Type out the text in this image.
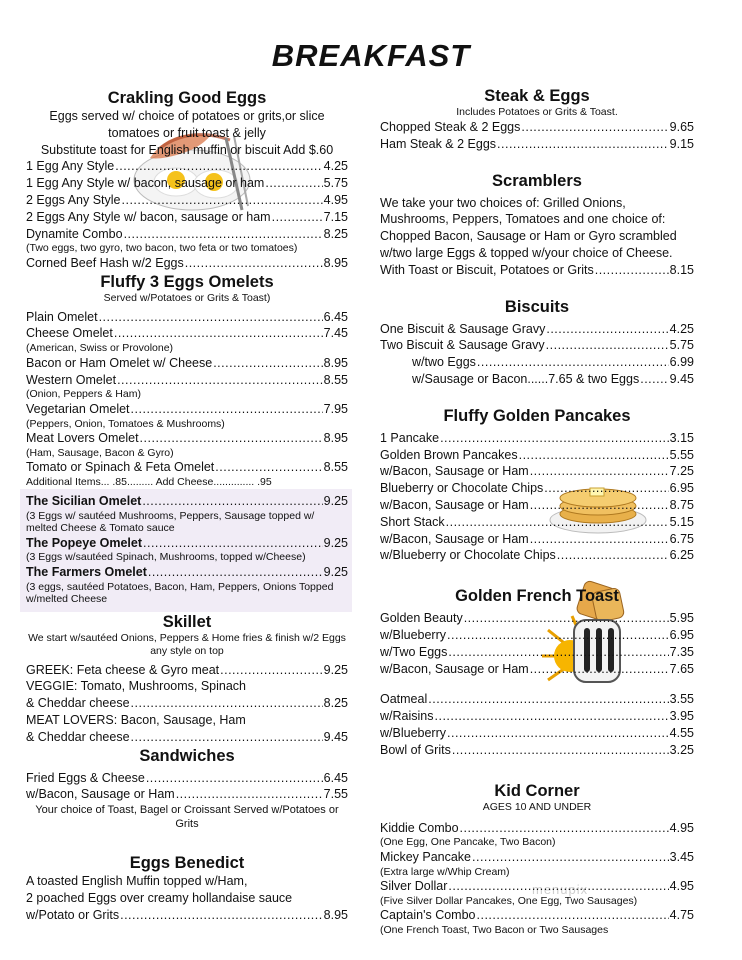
BREAKFAST
menupix
Crakling Good Eggs
Eggs served w/ choice of potatoes or grits,or slice tomatoes or fruit toast & jelly
Substitute toast for English muffin or biscuit Add $.60
1 Egg Any Style .....	4.25
1 Egg Any Style w/ bacon, sausage or ham .....	5.75
2 Eggs Any Style .....	4.95
2 Eggs Any Style w/ bacon, sausage or ham .....	7.15
Dynamite Combo .....	8.25
(Two eggs, two gyro, two bacon, two feta or two tomatoes)
Corned Beef Hash w/2 Eggs .....	8.95
Fluffy 3 Eggs Omelets
Served w/Potatoes or Grits & Toast)
Plain Omelet .....	6.45
Cheese Omelet .....	7.45
(American, Swiss or Provolone)
Bacon or Ham Omelet w/ Cheese .....	8.95
Western Omelet .....	8.55
(Onion, Peppers & Ham)
Vegetarian Omelet .....	7.95
(Peppers, Onion, Tomatoes & Mushrooms)
Meat Lovers Omelet .....	8.95
(Ham, Sausage, Bacon & Gyro)
Tomato or Spinach & Feta Omelet .....	8.55
Additional Items... .85......... Add Cheese.............. .95
The Sicilian Omelet .....	9.25
(3 Eggs w/ sautéed Mushrooms, Peppers, Sausage topped w/ melted Cheese & Tomato sauce
The Popeye Omelet .....	9.25
(3 Eggs w/sautéed Spinach, Mushrooms, topped w/Cheese)
The Farmers Omelet .....	9.25
(3 eggs, sautéed Potatoes, Bacon, Ham, Peppers, Onions Topped w/melted Cheese
Skillet
We start w/sautéed Onions, Peppers & Home fries & finish w/2 Eggs any style on top
GREEK: Feta cheese & Gyro meat .....	9.25
VEGGIE: Tomato, Mushrooms, Spinach
& Cheddar cheese .....	8.25
MEAT LOVERS: Bacon, Sausage, Ham
& Cheddar cheese .....	9.45
Sandwiches
Fried Eggs & Cheese .....	6.45
w/Bacon, Sausage or Ham .....	7.55
Your choice of Toast, Bagel or Croissant Served w/Potatoes or Grits
Eggs Benedict
A toasted English Muffin topped w/Ham,
2 poached Eggs over creamy hollandaise sauce
w/Potato or Grits .....	8.95
Steak & Eggs
Includes Potatoes or Grits & Toast.
Chopped Steak & 2 Eggs .....	9.65
Ham Steak & 2 Eggs .....	9.15
Scramblers
We take your two choices of: Grilled Onions, Mushrooms, Peppers, Tomatoes and one choice of: Chopped Bacon, Sausage or Ham or Gyro scrambled w/two large Eggs & topped w/your choice of Cheese.
With Toast or Biscuit, Potatoes or Grits .....	8.15
Biscuits
One Biscuit & Sausage Gravy .....	4.25
Two Biscuit & Sausage Gravy .....	5.75
w/two Eggs .....	6.99
w/Sausage or Bacon......7.65 & two Eggs ..... 9.45
Fluffy Golden Pancakes
1 Pancake .....	3.15
Golden Brown Pancakes .....	5.55
w/Bacon, Sausage or Ham .....	7.25
Blueberry or Chocolate Chips .....	6.95
w/Bacon, Sausage or Ham .....	8.75
Short Stack .....	5.15
w/Bacon, Sausage or Ham .....	6.75
w/Blueberry or Chocolate Chips .....	6.25
Golden French Toast
Golden Beauty .....	5.95
w/Blueberry .....	6.95
w/Two Eggs .....	7.35
w/Bacon, Sausage or Ham .....	7.65
Oatmeal .....	3.55
w/Raisins .....	3.95
w/Blueberry .....	4.55
Bowl of Grits .....	3.25
Kid Corner
AGES 10 AND UNDER
Kiddie Combo .....	4.95
(One Egg, One Pancake, Two Bacon)
Mickey Pancake .....	3.45
(Extra large w/Whip Cream)
Silver Dollar .....	4.95
(Five Silver Dollar Pancakes, One Egg, Two Sausages)
Captain's Combo .....	4.75
(One French Toast, Two Bacon or Two Sausages
